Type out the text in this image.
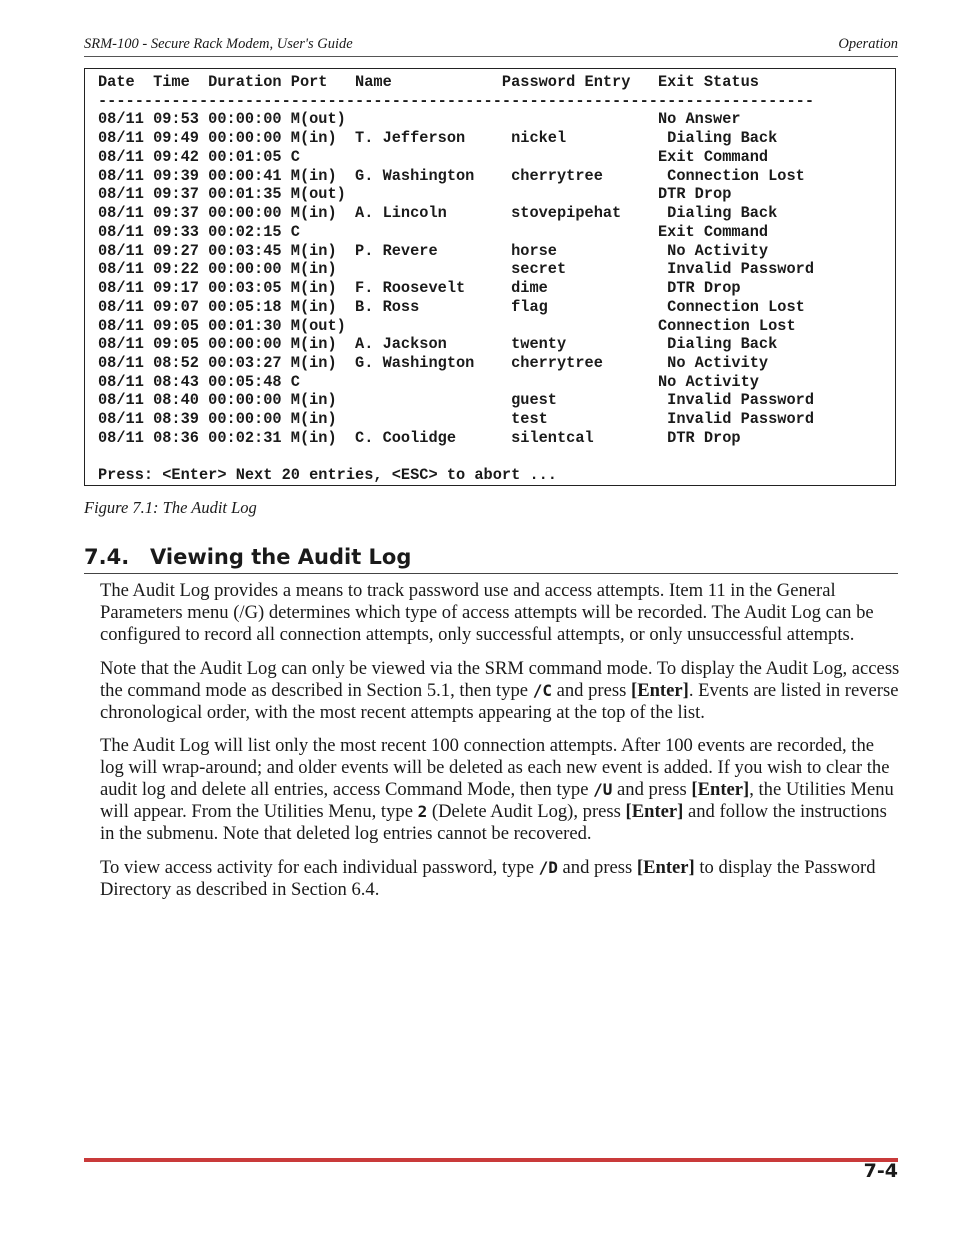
SRM-100 - Secure Rack Modem, User's Guide	Operation
Date  Time  Duration Port   Name            Password Entry   Exit Status
------------------------------------------------------------------------------
08/11 09:53 00:00:00 M(out)                                  No Answer
08/11 09:49 00:00:00 M(in)  T. Jefferson     nickel           Dialing Back
08/11 09:42 00:01:05 C                                       Exit Command
08/11 09:39 00:00:41 M(in)  G. Washington    cherrytree       Connection Lost
08/11 09:37 00:01:35 M(out)                                  DTR Drop
08/11 09:37 00:00:00 M(in)  A. Lincoln       stovepipehat     Dialing Back
08/11 09:33 00:02:15 C                                       Exit Command
08/11 09:27 00:03:45 M(in)  P. Revere        horse            No Activity
08/11 09:22 00:00:00 M(in)                   secret           Invalid Password
08/11 09:17 00:03:05 M(in)  F. Roosevelt     dime             DTR Drop
08/11 09:07 00:05:18 M(in)  B. Ross          flag             Connection Lost
08/11 09:05 00:01:30 M(out)                                  Connection Lost
08/11 09:05 00:00:00 M(in)  A. Jackson       twenty           Dialing Back
08/11 08:52 00:03:27 M(in)  G. Washington    cherrytree       No Activity
08/11 08:43 00:05:48 C                                       No Activity
08/11 08:40 00:00:00 M(in)                   guest            Invalid Password
08/11 08:39 00:00:00 M(in)                   test             Invalid Password
08/11 08:36 00:02:31 M(in)  C. Coolidge      silentcal        DTR Drop

Press: <Enter> Next 20 entries, <ESC> to abort ...
Figure 7.1: The Audit Log
7.4. Viewing the Audit Log

The Audit Log provides a means to track password use and access attempts. Item 11 in the General Parameters menu (/G) determines which type of access attempts will be recorded. The Audit Log can be configured to record all connection attempts, only successful attempts, or only unsuccessful attempts.

Note that the Audit Log can only be viewed via the SRM command mode. To display the Audit Log, access the command mode as described in Section 5.1, then type /C and press [Enter]. Events are listed in reverse chronological order, with the most recent attempts appearing at the top of the list.

The Audit Log will list only the most recent 100 connection attempts. After 100 events are recorded, the log will wrap-around; and older events will be deleted as each new event is added. If you wish to clear the audit log and delete all entries, access Command Mode, then type /U and press [Enter], the Utilities Menu will appear. From the Utilities Menu, type 2 (Delete Audit Log), press [Enter] and follow the instructions in the submenu. Note that deleted log entries cannot be recovered.

To view access activity for each individual password, type /D and press [Enter] to display the Password Directory as described in Section 6.4.

7-4
